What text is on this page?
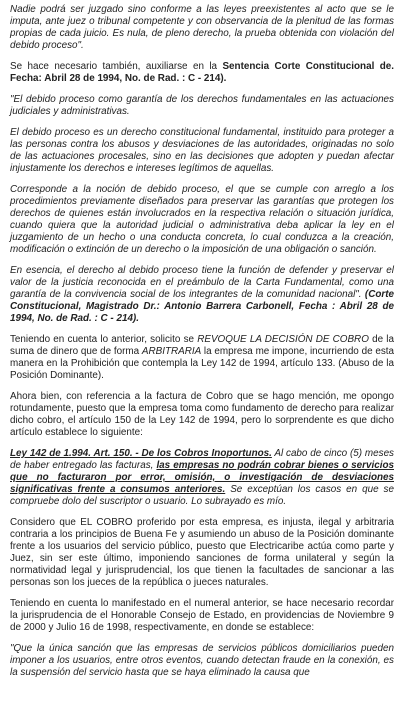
Nadie podrá ser juzgado sino conforme a las leyes preexistentes al acto que se le imputa, ante juez o tribunal competente y con observancia de la plenitud de las formas propias de cada juicio. Es nula, de pleno derecho, la prueba obtenida con violación del debido proceso".

Se hace necesario también, auxiliarse en la Sentencia Corte Constitucional de. Fecha: Abril 28 de 1994, No. de Rad. : C - 214).

"El debido proceso como garantía de los derechos fundamentales en las actuaciones judiciales y administrativas.

El debido proceso es un derecho constitucional fundamental, instituido para proteger a las personas contra los abusos y desviaciones de las autoridades, originadas no solo de las actuaciones procesales, sino en las decisiones que adopten y puedan afectar injustamente los derechos e intereses legítimos de aquellas.

Corresponde a la noción de debido proceso, el que se cumple con arreglo a los procedimientos previamente diseñados para preservar las garantías que protegen los derechos de quienes están involucrados en la respectiva relación o situación jurídica, cuando quiera que la autoridad judicial o administrativa deba aplicar la ley en el juzgamiento de un hecho o una conducta concreta, lo cual conduzca a la creación, modificación o extinción de un derecho o la imposición de una obligación o sanción.

En esencia, el derecho al debido proceso tiene la función de defender y preservar el valor de la justicia reconocida en el preámbulo de la Carta Fundamental, como una garantía de la convivencia social de los integrantes de la comunidad nacional". (Corte Constitucional, Magistrado Dr.: Antonio Barrera Carbonell, Fecha : Abril 28 de 1994, No. de Rad. : C - 214).

Teniendo en cuenta lo anterior, solicito se REVOQUE LA DECISIÓN DE COBRO de la suma de dinero que de forma ARBITRARIA la empresa me impone, incurriendo de esta manera en la Prohibición que contempla la Ley 142 de 1994, artículo 133. (Abuso de la Posición Dominante).

Ahora bien, con referencia a la factura de Cobro que se hago mención, me opongo rotundamente, puesto que la empresa toma como fundamento de derecho para realizar dicho cobro, el artículo 150 de la Ley 142 de 1994, pero lo sorprendente es que dicho artículo establece lo siguiente:

Ley 142 de 1.994. Art. 150. - De los Cobros Inoportunos. Al cabo de cinco (5) meses de haber entregado las facturas, las empresas no podrán cobrar bienes o servicios que no facturaron por error, omisión, o investigación de desviaciones significativas frente a consumos anteriores. Se exceptúan los casos en que se compruebe dolo del suscriptor o usuario. Lo subrayado es mío.

Considero que EL COBRO proferido por esta empresa, es injusta, ilegal y arbitraria contraria a los principios de Buena Fe y asumiendo un abuso de la Posición dominante frente a los usuarios del servicio público, puesto que Electricaribe actúa como parte y Juez, sin ser este último, imponiendo sanciones de forma unilateral y según la normatividad legal y jurisprudencial, los que tienen la facultades de sancionar a las personas son los jueces de la república o jueces naturales.

Teniendo en cuenta lo manifestado en el numeral anterior, se hace necesario recordar la jurisprudencia de el Honorable Consejo de Estado, en providencias de Noviembre 9 de 2000 y Julio 16 de 1998, respectivamente, en donde se establece:

"Que la única sanción que las empresas de servicios públicos domiciliarios pueden imponer a los usuarios, entre otros eventos, cuando detectan fraude en la conexión, es la suspensión del servicio hasta que se haya eliminado la causa que
